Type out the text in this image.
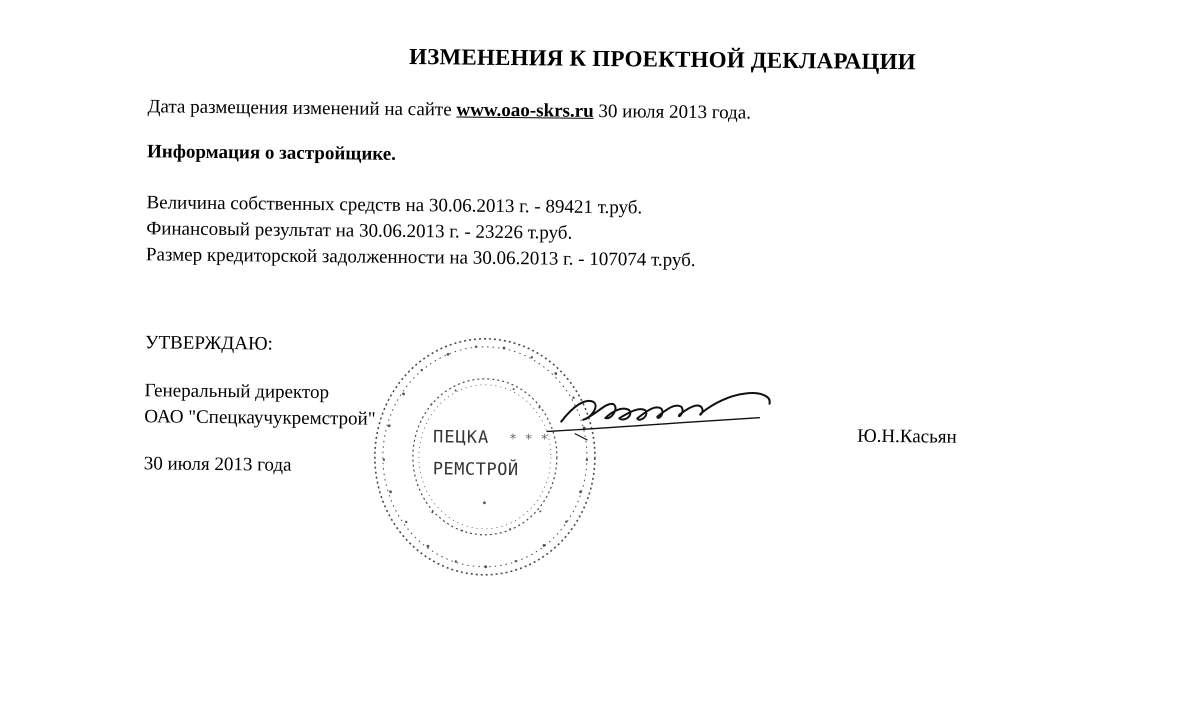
ИЗМЕНЕНИЯ К ПРОЕКТНОЙ ДЕКЛАРАЦИИ
Дата размещения изменений на сайте www.oao-skrs.ru 30 июля 2013 года.
Информация о застройщике.
Величина собственных средств на 30.06.2013 г. - 89421 т.руб.
Финансовый результат на 30.06.2013 г. - 23226 т.руб.
Размер кредиторской задолженности на 30.06.2013 г. - 107074 т.руб.
УТВЕРЖДАЮ:
Генеральный директор
ОАО "Спецкаучукремстрой"
Ю.Н.Касьян
30 июля 2013 года
ПЕЦКА * * *
РЕМСТРОЙ
